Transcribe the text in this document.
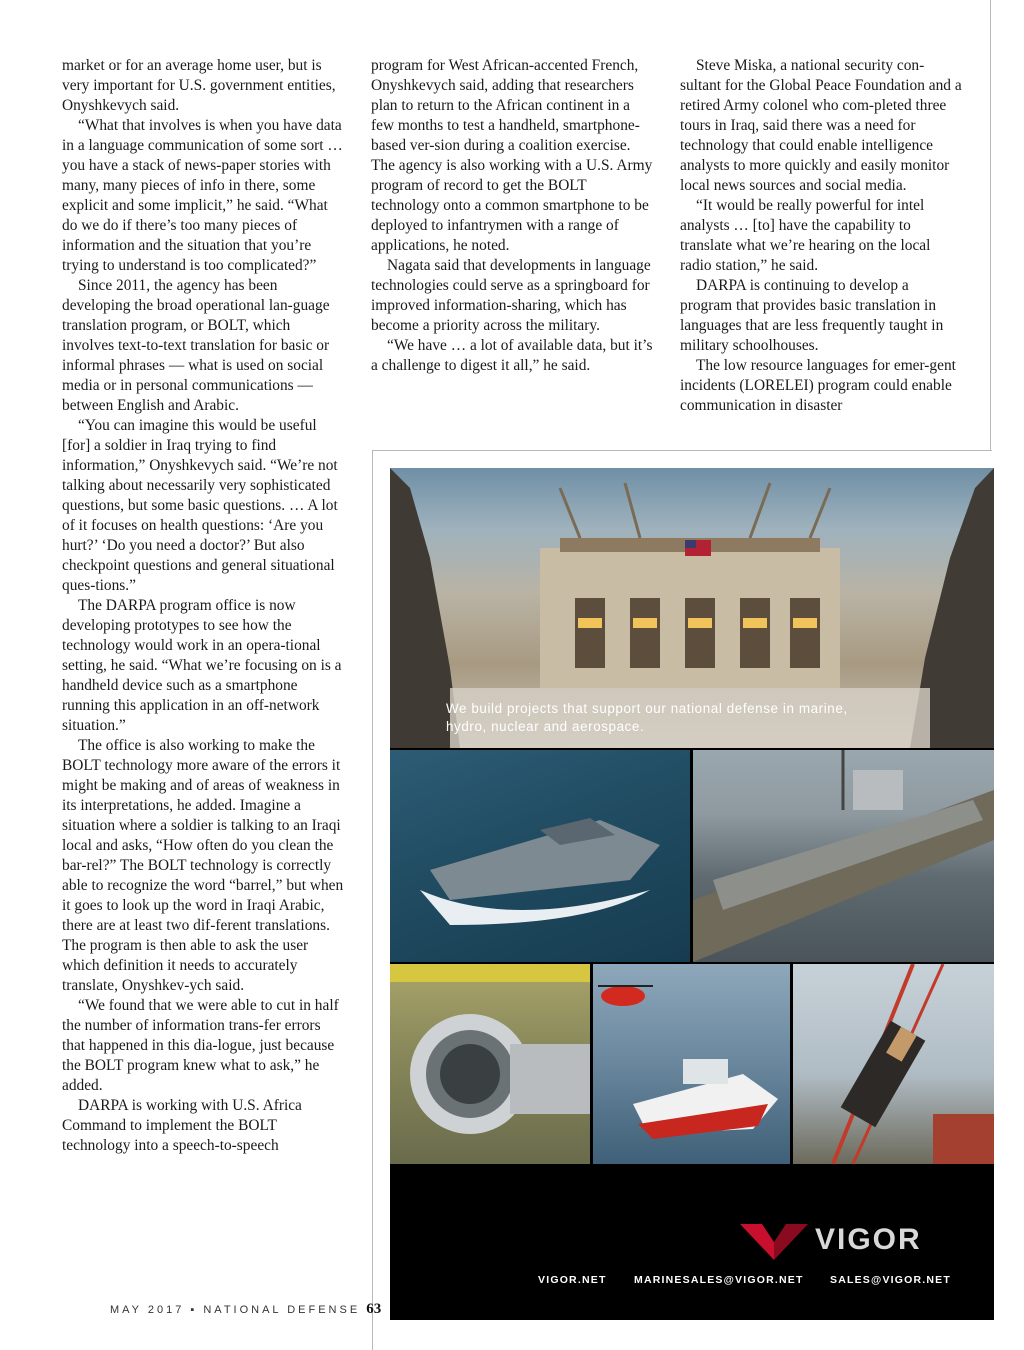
market or for an average home user, but is very important for U.S. government entities, Onyshkevych said.

“What that involves is when you have data in a language communication of some sort … you have a stack of news-paper stories with many, many pieces of info in there, some explicit and some implicit,” he said. “What do we do if there’s too many pieces of information and the situation that you’re trying to understand is too complicated?”

Since 2011, the agency has been developing the broad operational lan-guage translation program, or BOLT, which involves text-to-text translation for basic or informal phrases — what is used on social media or in personal communications — between English and Arabic.

“You can imagine this would be useful [for] a soldier in Iraq trying to find information,” Onyshkevych said. “We’re not talking about necessarily very sophisticated questions, but some basic questions. … A lot of it focuses on health questions: ‘Are you hurt?’ ‘Do you need a doctor?’ But also checkpoint questions and general situational ques-tions.”

The DARPA program office is now developing prototypes to see how the technology would work in an opera-tional setting, he said. “What we’re focusing on is a handheld device such as a smartphone running this application in an off-network situation.”

The office is also working to make the BOLT technology more aware of the errors it might be making and of areas of weakness in its interpretations, he added. Imagine a situation where a soldier is talking to an Iraqi local and asks, “How often do you clean the bar-rel?” The BOLT technology is correctly able to recognize the word “barrel,” but when it goes to look up the word in Iraqi Arabic, there are at least two dif-ferent translations. The program is then able to ask the user which definition it needs to accurately translate, Onyshkev-ych said.

“We found that we were able to cut in half the number of information trans-fer errors that happened in this dia-logue, just because the BOLT program knew what to ask,” he added.

DARPA is working with U.S. Africa Command to implement the BOLT technology into a speech-to-speech

program for West African-accented French, Onyshkevych said, adding that researchers plan to return to the African continent in a few months to test a handheld, smartphone-based ver-sion during a coalition exercise. The agency is also working with a U.S. Army program of record to get the BOLT technology onto a common smartphone to be deployed to infantrymen with a range of applications, he noted.

Nagata said that developments in language technologies could serve as a springboard for improved information-sharing, which has become a priority across the military.

“We have … a lot of available data, but it’s a challenge to digest it all,” he said.

Steve Miska, a national security con-sultant for the Global Peace Foundation and a retired Army colonel who com-pleted three tours in Iraq, said there was a need for technology that could enable intelligence analysts to more quickly and easily monitor local news sources and social media.

“It would be really powerful for intel analysts … [to] have the capability to translate what we’re hearing on the local radio station,” he said.

DARPA is continuing to develop a program that provides basic translation in languages that are less frequently taught in military schoolhouses.

The low resource languages for emer-gent incidents (LORELEI) program could enable communication in disaster

MAY 2017 ▪ NATIONAL DEFENSE 63
We build projects that support our national defense in marine, hydro, nuclear and aerospace.
VIGOR
VIGOR.NET	MARINESALES@VIGOR.NET	SALES@VIGOR.NET
